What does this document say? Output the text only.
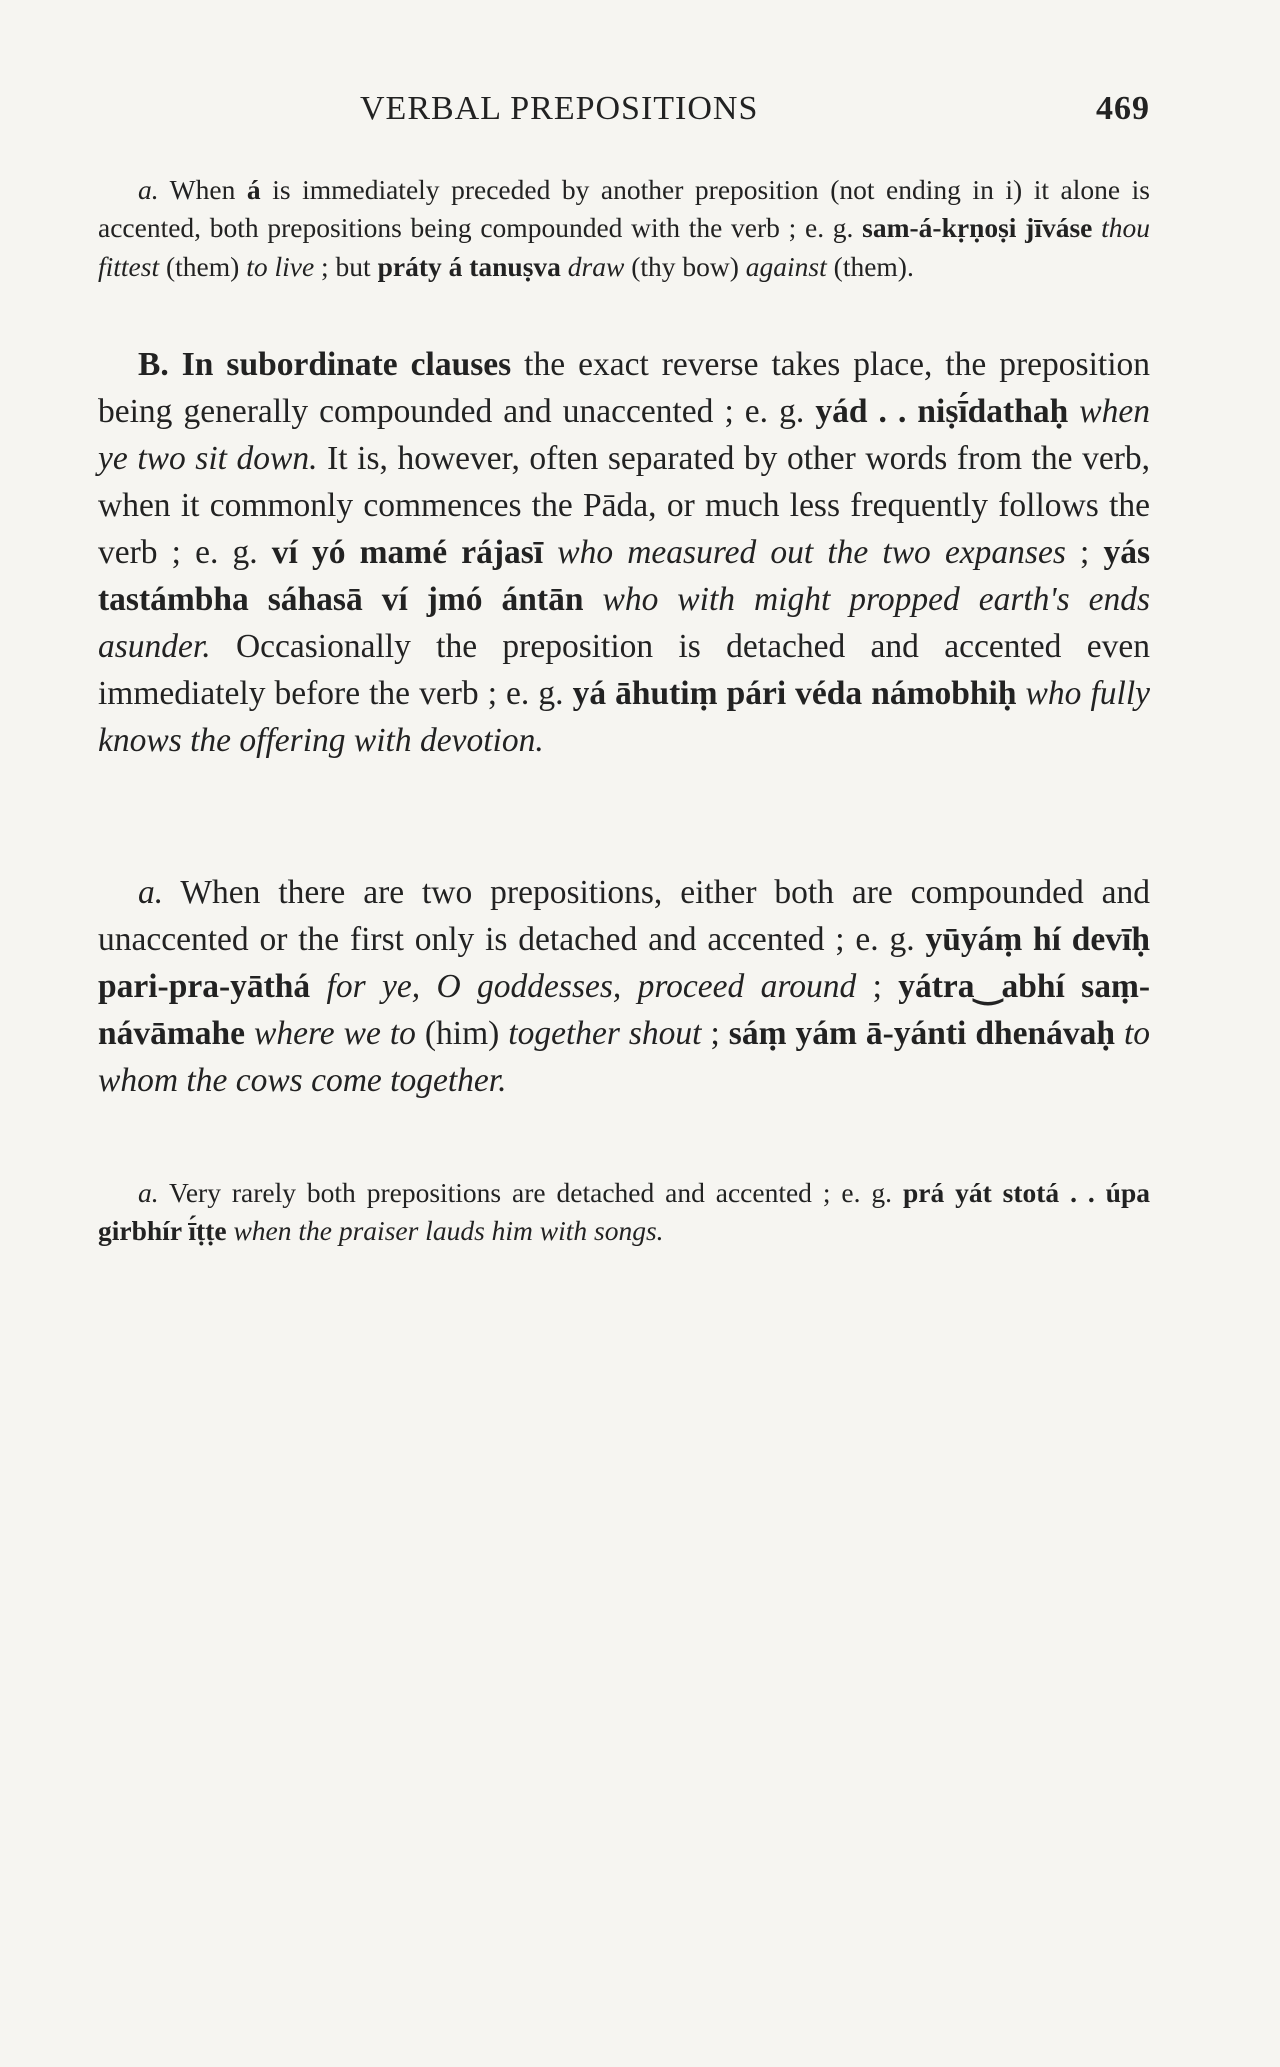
VERBAL PREPOSITIONS	469

a. When á is immediately preceded by another preposition (not ending in i) it alone is accented, both prepositions being compounded with the verb ; e. g. sam-á-kṛṇoṣi jīváse thou fittest (them) to live ; but práty á tanuṣva draw (thy bow) against (them).

B. In subordinate clauses the exact reverse takes place, the preposition being generally compounded and unaccented ; e. g. yád . . niṣī́dathaḥ when ye two sit down. It is, however, often separated by other words from the verb, when it commonly commences the Pāda, or much less frequently follows the verb ; e. g. ví yó mamé rájasī who measured out the two expanses ; yás tastámbha sáhasā ví jmó ántān who with might propped earth's ends asunder. Occasionally the preposition is detached and accented even immediately before the verb ; e. g. yá āhutiṃ pári véda námobhiḥ who fully knows the offering with devotion.

a. When there are two prepositions, either both are compounded and unaccented or the first only is detached and accented ; e. g. yūyáṃ hí devīḥ pari-pra-yāthá for ye, O goddesses, proceed around ; yátra‿abhí saṃ-návāmahe where we to (him) together shout ; sáṃ yám ā-yánti dhenávaḥ to whom the cows come together.

a. Very rarely both prepositions are detached and accented ; e. g. prá yát stotá . . úpa girbhír ī́ṭṭe when the praiser lauds him with songs.
